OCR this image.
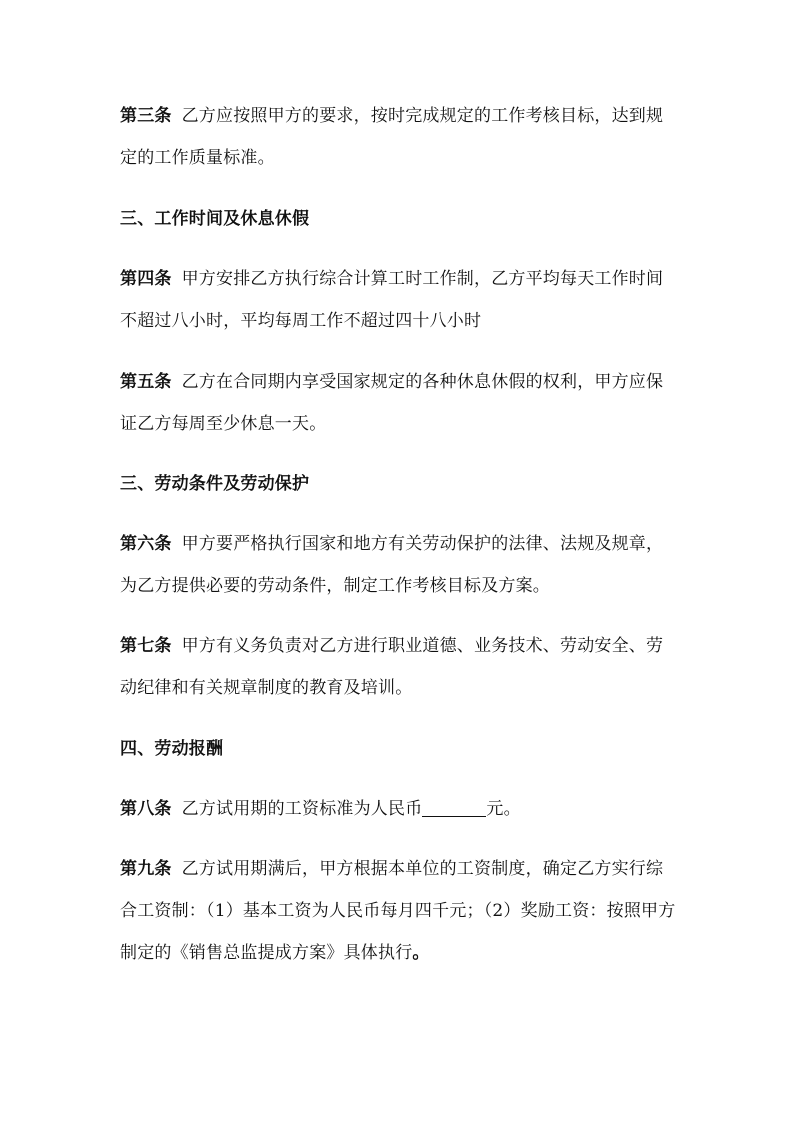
第三条 乙方应按照甲方的要求，按时完成规定的工作考核目标，达到规定的工作质量标准。
三、工作时间及休息休假
第四条 甲方安排乙方执行综合计算工时工作制，乙方平均每天工作时间不超过八小时，平均每周工作不超过四十八小时
第五条 乙方在合同期内享受国家规定的各种休息休假的权利，甲方应保证乙方每周至少休息一天。
三、劳动条件及劳动保护
第六条 甲方要严格执行国家和地方有关劳动保护的法律、法规及规章，为乙方提供必要的劳动条件，制定工作考核目标及方案。
第七条 甲方有义务负责对乙方进行职业道德、业务技术、劳动安全、劳动纪律和有关规章制度的教育及培训。
四、劳动报酬
第八条 乙方试用期的工资标准为人民币	元。
第九条 乙方试用期满后，甲方根据本单位的工资制度，确定乙方实行综合工资制：（1）基本工资为人民币每月四千元；（2）奖励工资：按照甲方制定的《销售总监提成方案》具体执行。
